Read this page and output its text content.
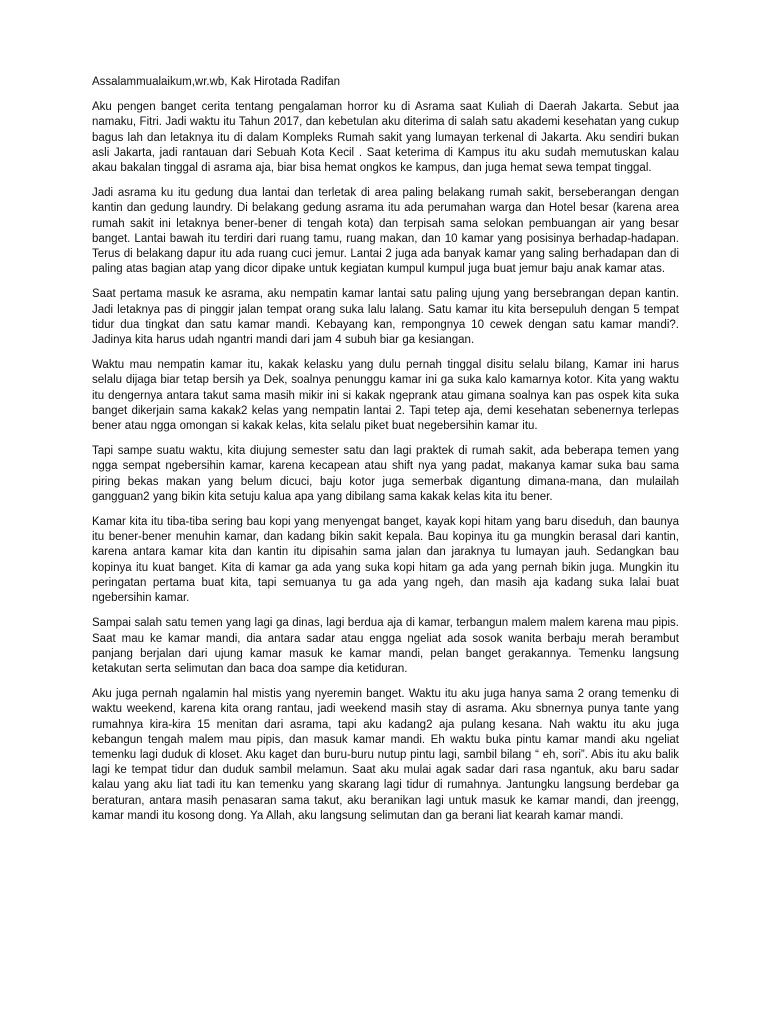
Assalammualaikum,wr.wb, Kak Hirotada Radifan

Aku pengen banget cerita tentang pengalaman horror ku di Asrama saat Kuliah di Daerah Jakarta. Sebut jaa namaku, Fitri. Jadi waktu itu Tahun 2017, dan kebetulan aku diterima di salah satu akademi kesehatan yang cukup bagus lah dan letaknya itu di dalam Kompleks Rumah sakit yang lumayan terkenal di Jakarta. Aku sendiri bukan asli Jakarta, jadi rantauan dari Sebuah Kota Kecil . Saat keterima di Kampus itu aku sudah memutuskan kalau akau bakalan tinggal di asrama aja, biar bisa hemat ongkos ke kampus, dan juga hemat sewa tempat tinggal.

Jadi asrama ku itu gedung dua lantai dan terletak di area paling belakang rumah sakit, berseberangan dengan kantin dan gedung laundry. Di belakang gedung asrama itu ada perumahan warga dan Hotel besar (karena area rumah sakit ini letaknya bener-bener di tengah kota) dan terpisah sama selokan pembuangan air yang besar banget. Lantai bawah itu terdiri dari ruang tamu, ruang makan, dan 10 kamar yang posisinya berhadap-hadapan. Terus di belakang dapur itu ada ruang cuci jemur. Lantai 2 juga ada banyak kamar yang saling berhadapan dan di paling atas bagian atap yang dicor dipake untuk kegiatan kumpul kumpul juga buat jemur baju anak kamar atas.

Saat pertama masuk ke asrama, aku nempatin kamar lantai satu paling ujung yang bersebrangan depan kantin. Jadi letaknya pas di pinggir jalan tempat orang suka lalu lalang. Satu kamar itu kita bersepuluh dengan 5 tempat tidur dua tingkat dan satu kamar mandi. Kebayang kan, rempongnya 10 cewek dengan satu kamar mandi?. Jadinya kita harus udah ngantri mandi dari jam 4 subuh biar ga kesiangan.

Waktu mau nempatin kamar itu, kakak kelasku yang dulu pernah tinggal disitu selalu bilang, Kamar ini harus selalu dijaga biar tetap bersih ya Dek, soalnya penunggu kamar ini ga suka kalo kamarnya kotor. Kita yang waktu itu dengernya antara takut sama masih mikir ini si kakak ngeprank atau gimana soalnya kan pas ospek kita suka banget dikerjain sama kakak2 kelas yang nempatin lantai 2. Tapi tetep aja, demi kesehatan sebenernya terlepas bener atau ngga omongan si kakak kelas, kita selalu piket buat negebersihin kamar itu.

Tapi sampe suatu waktu, kita diujung semester satu dan lagi praktek di rumah sakit, ada beberapa temen yang ngga sempat ngebersihin kamar, karena kecapean atau shift nya yang padat, makanya kamar suka bau sama piring bekas makan yang belum dicuci, baju kotor juga semerbak digantung dimana-mana, dan mulailah gangguan2 yang bikin kita setuju kalua apa yang dibilang sama kakak kelas kita itu bener.

Kamar kita itu tiba-tiba sering bau kopi yang menyengat banget, kayak kopi hitam yang baru diseduh, dan baunya itu bener-bener menuhin kamar, dan kadang bikin sakit kepala. Bau kopinya itu ga mungkin berasal dari kantin, karena antara kamar kita dan kantin itu dipisahin sama jalan dan jaraknya tu lumayan jauh. Sedangkan bau kopinya itu kuat banget. Kita di kamar ga ada yang suka kopi hitam ga ada yang pernah bikin juga. Mungkin itu peringatan pertama buat kita, tapi semuanya tu ga ada yang ngeh, dan masih aja kadang suka lalai buat ngebersihin kamar.

Sampai salah satu temen yang lagi ga dinas, lagi berdua aja di kamar, terbangun malem malem karena mau pipis. Saat mau ke kamar mandi, dia antara sadar atau engga ngeliat ada sosok wanita berbaju merah berambut panjang berjalan dari ujung kamar masuk ke kamar mandi, pelan banget gerakannya. Temenku langsung ketakutan serta selimutan dan baca doa sampe dia ketiduran.

Aku juga pernah ngalamin hal mistis yang nyeremin banget. Waktu itu aku juga hanya sama 2 orang temenku di waktu weekend, karena kita orang rantau, jadi weekend masih stay di asrama. Aku sbnernya punya tante yang rumahnya kira-kira 15 menitan dari asrama, tapi aku kadang2 aja pulang kesana. Nah waktu itu aku juga kebangun tengah malem mau pipis, dan masuk kamar mandi. Eh waktu buka pintu kamar mandi aku ngeliat temenku lagi duduk di kloset. Aku kaget dan buru-buru nutup pintu lagi, sambil bilang “ eh, sori”. Abis itu aku balik lagi ke tempat tidur dan duduk sambil melamun. Saat aku mulai agak sadar dari rasa ngantuk, aku baru sadar kalau yang aku liat tadi itu kan temenku yang skarang lagi tidur di rumahnya. Jantungku langsung berdebar ga beraturan, antara masih penasaran sama takut, aku beranikan lagi untuk masuk ke kamar mandi, dan jreengg, kamar mandi itu kosong dong. Ya Allah, aku langsung selimutan dan ga berani liat kearah kamar mandi.
